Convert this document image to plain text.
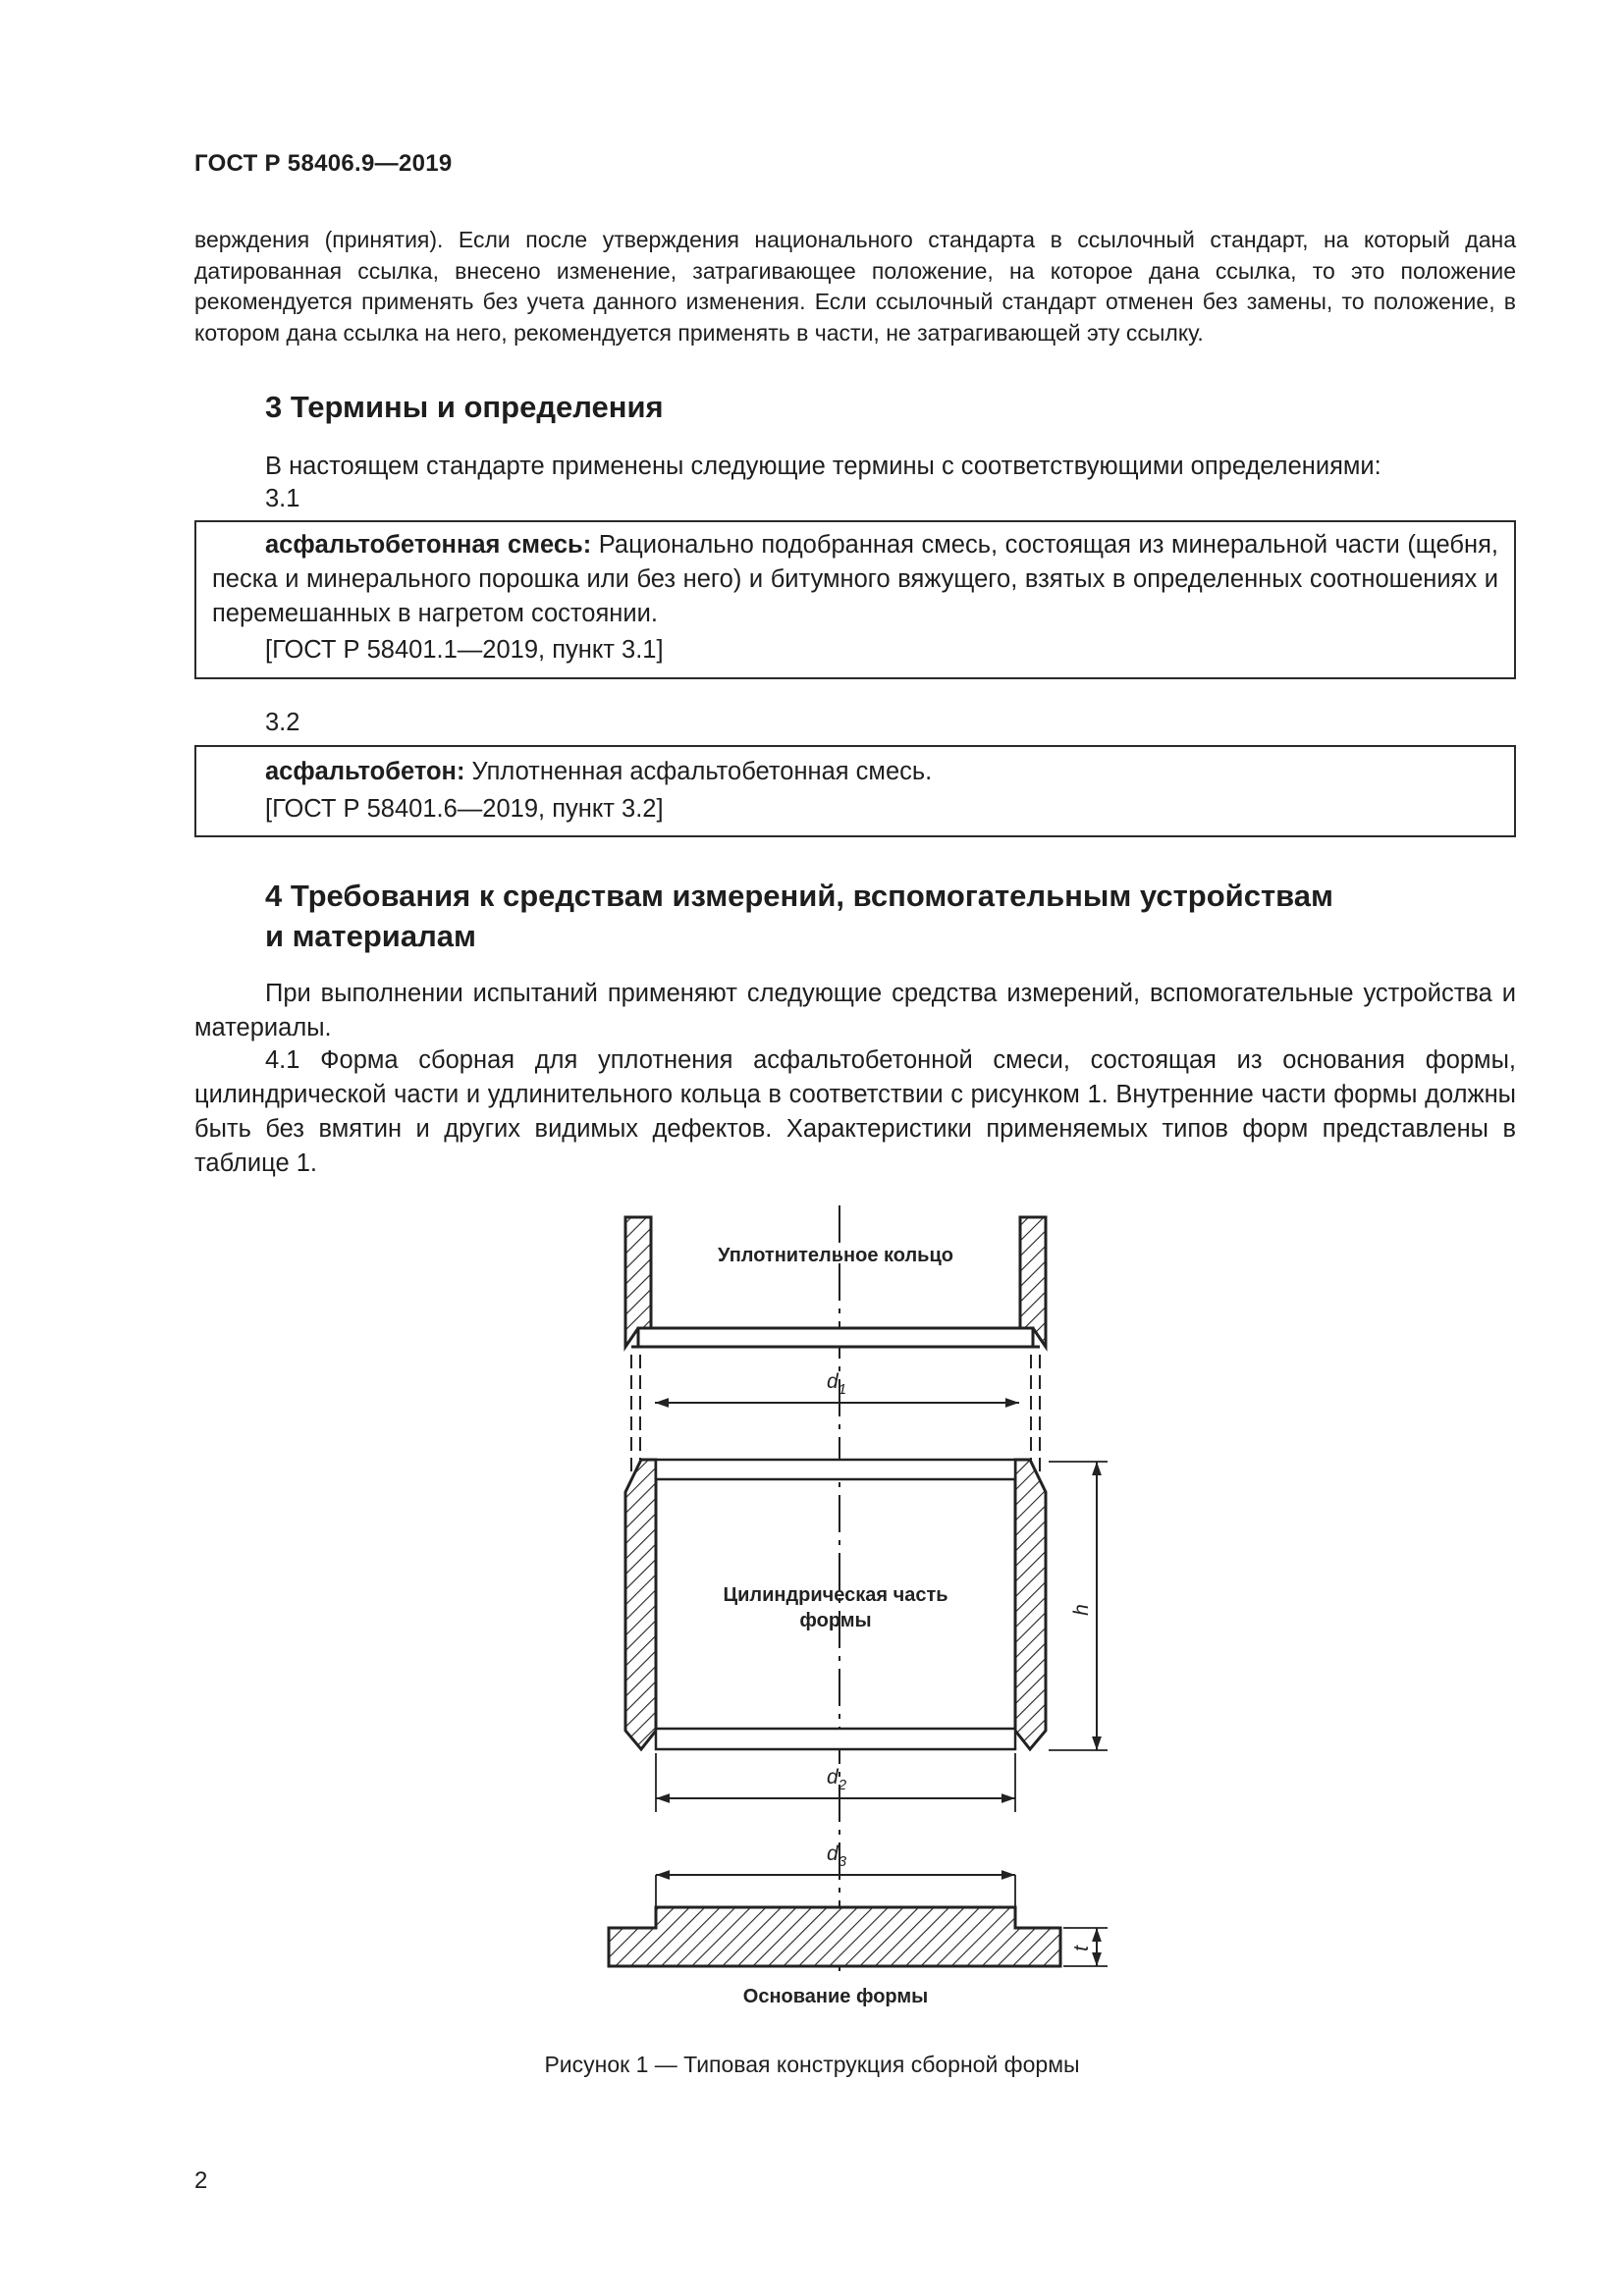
ГОСТ Р 58406.9—2019
верждения (принятия). Если после утверждения национального стандарта в ссылочный стандарт, на который дана датированная ссылка, внесено изменение, затрагивающее положение, на которое дана ссылка, то это положение рекомендуется применять без учета данного изменения. Если ссылочный стандарт отменен без замены, то положение, в котором дана ссылка на него, рекомендуется применять в части, не затрагивающей эту ссылку.
3 Термины и определения
В настоящем стандарте применены следующие термины с соответствующими определениями:
3.1
асфальтобетонная смесь: Рационально подобранная смесь, состоящая из минеральной части (щебня, песка и минерального порошка или без него) и битумного вяжущего, взятых в определенных соотношениях и перемешанных в нагретом состоянии.
[ГОСТ Р 58401.1—2019, пункт 3.1]
3.2
асфальтобетон: Уплотненная асфальтобетонная смесь.
[ГОСТ Р 58401.6—2019, пункт 3.2]
4 Требования к средствам измерений, вспомогательным устройствам
и материалам
При выполнении испытаний применяют следующие средства измерений, вспомогательные устройства и материалы.
4.1 Форма сборная для уплотнения асфальтобетонной смеси, состоящая из основания формы, цилиндрической части и удлинительного кольца в соответствии с рисунком 1. Внутренние части формы должны быть без вмятин и других видимых дефектов. Характеристики применяемых типов форм представлены в таблице 1.
Уплотнительное кольцо
Цилиндрическая часть
формы
Основание формы
$d_1$
$d_2$
$d_3$
h
t
Рисунок 1 — Типовая конструкция сборной формы
2
